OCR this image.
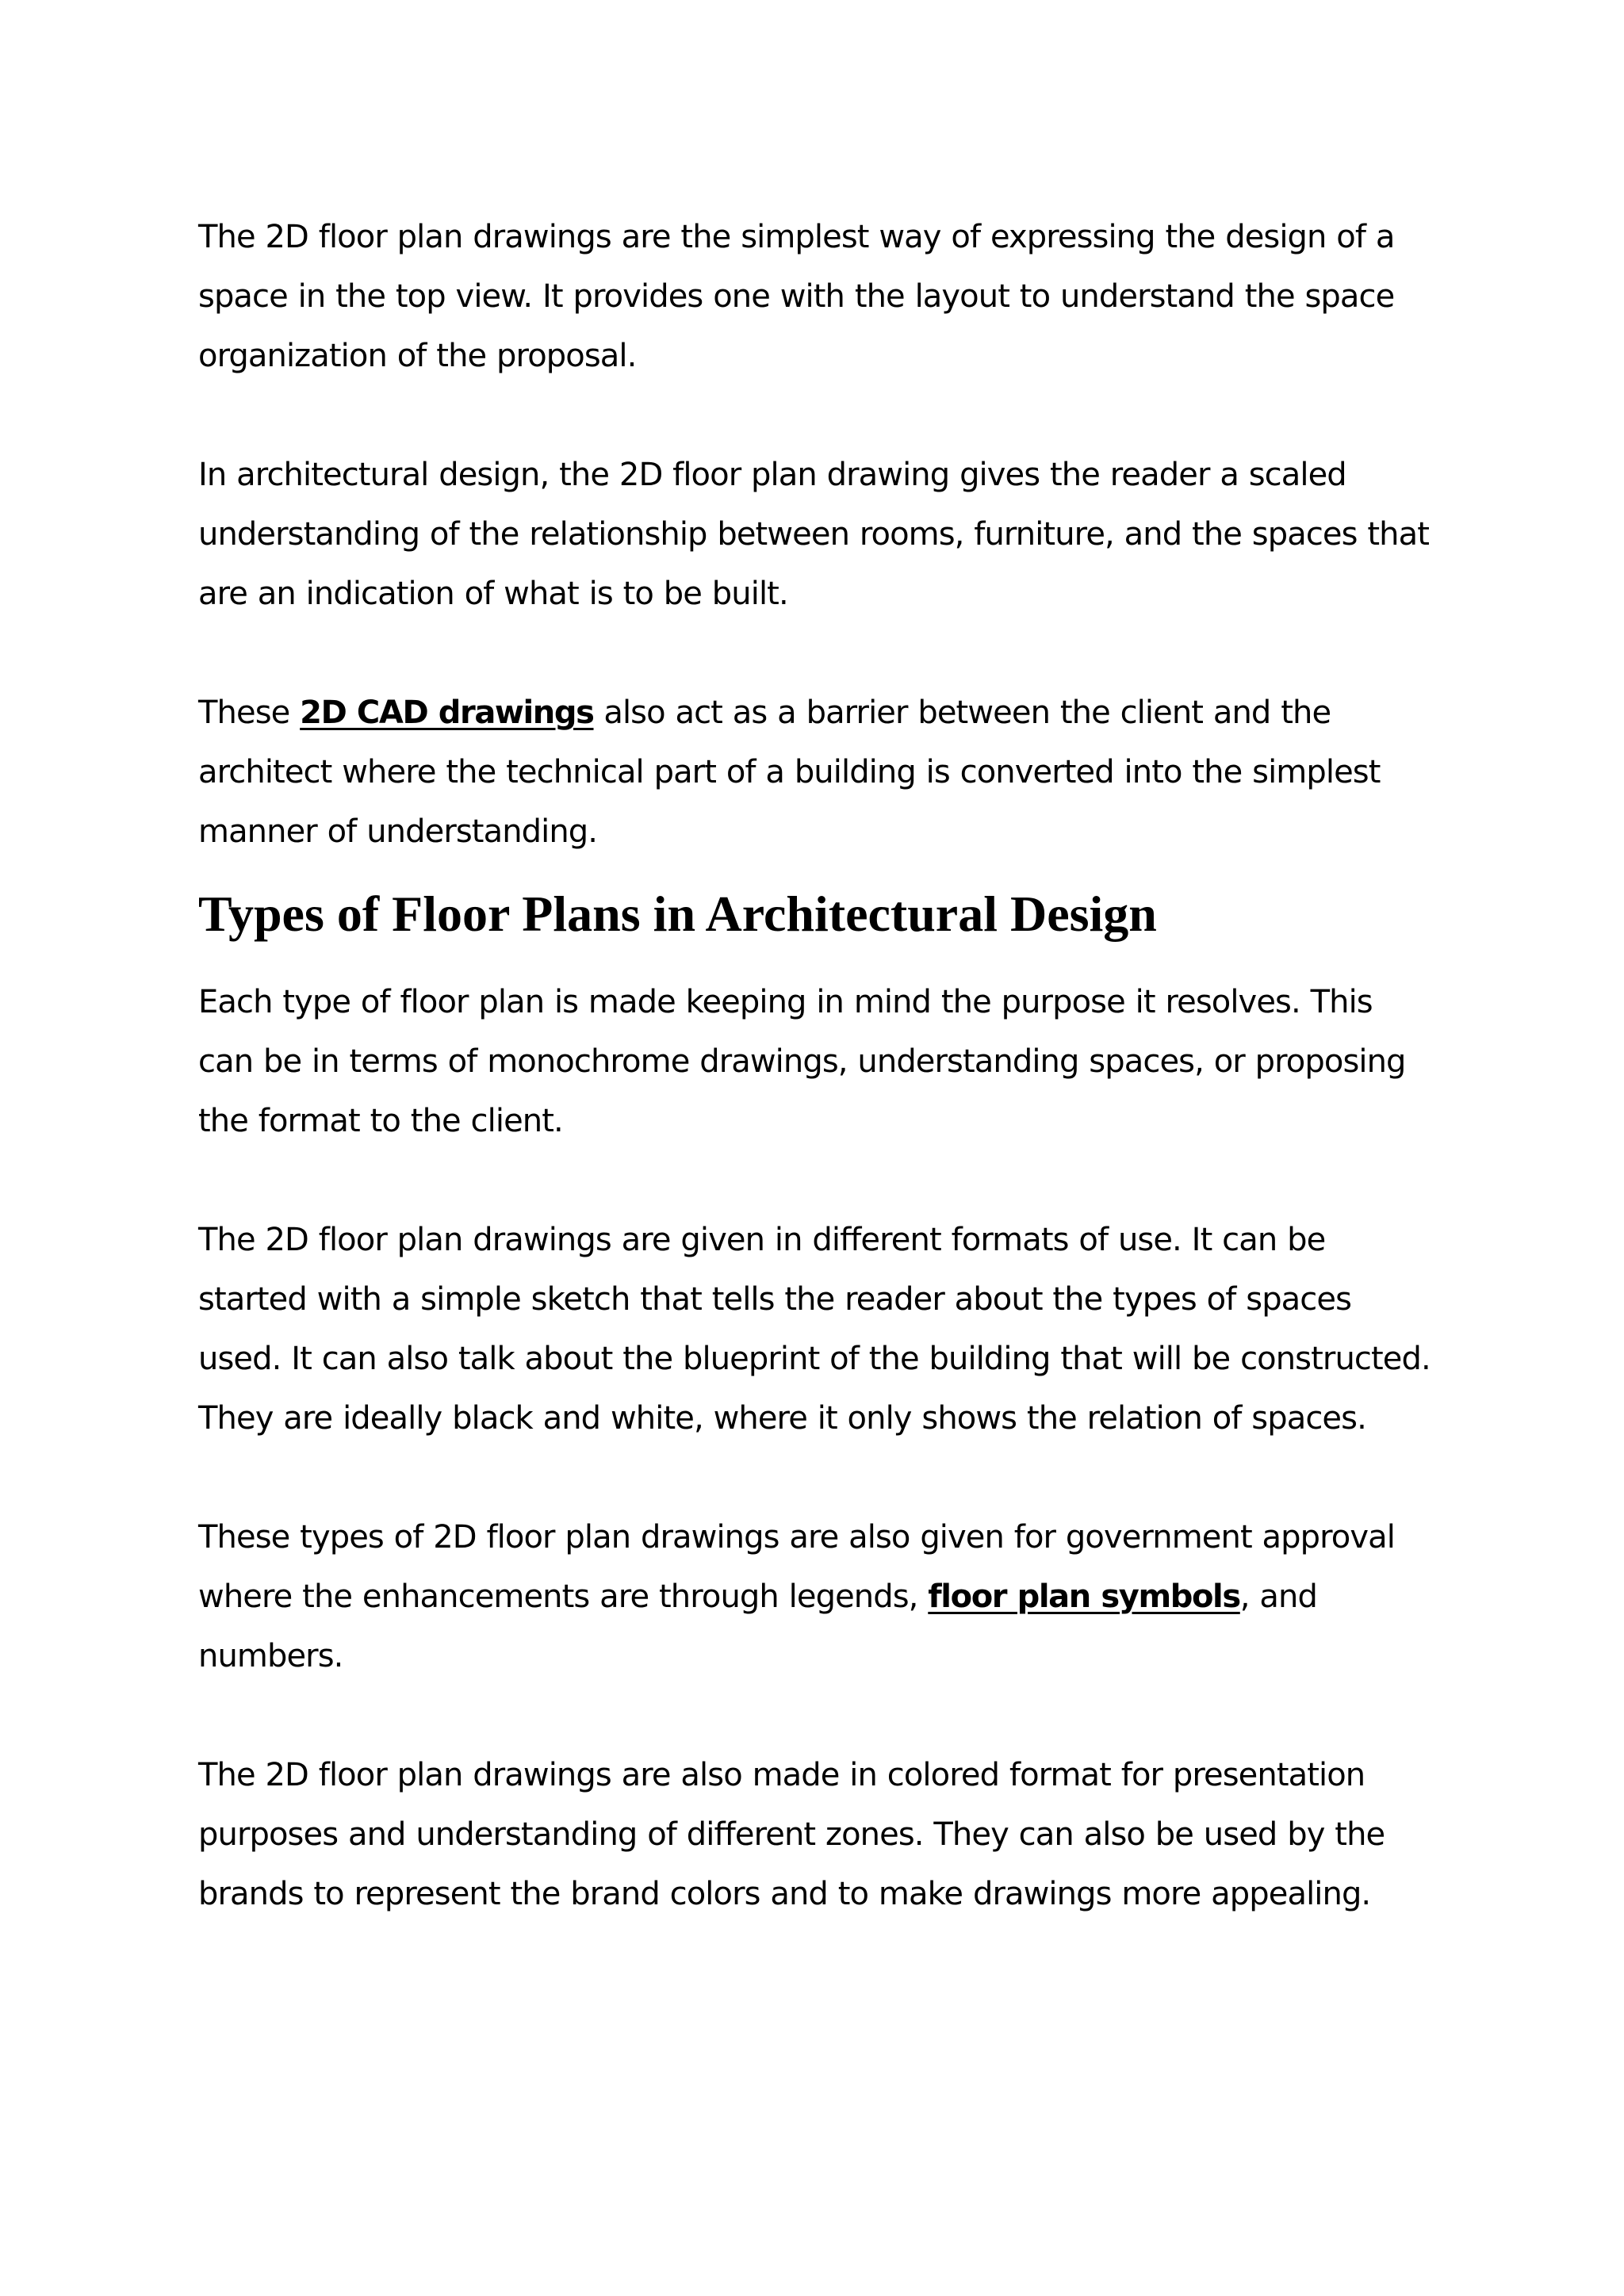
The 2D floor plan drawings are the simplest way of expressing the design of a space in the top view. It provides one with the layout to understand the space organization of the proposal.

In architectural design, the 2D floor plan drawing gives the reader a scaled understanding of the relationship between rooms, furniture, and the spaces that are an indication of what is to be built.

These 2D CAD drawings also act as a barrier between the client and the architect where the technical part of a building is converted into the simplest manner of understanding.

Types of Floor Plans in Architectural Design

Each type of floor plan is made keeping in mind the purpose it resolves. This can be in terms of monochrome drawings, understanding spaces, or proposing the format to the client.

The 2D floor plan drawings are given in different formats of use. It can be started with a simple sketch that tells the reader about the types of spaces used. It can also talk about the blueprint of the building that will be constructed. They are ideally black and white, where it only shows the relation of spaces.

These types of 2D floor plan drawings are also given for government approval where the enhancements are through legends, floor plan symbols, and numbers.

The 2D floor plan drawings are also made in colored format for presentation purposes and understanding of different zones. They can also be used by the brands to represent the brand colors and to make drawings more appealing.
